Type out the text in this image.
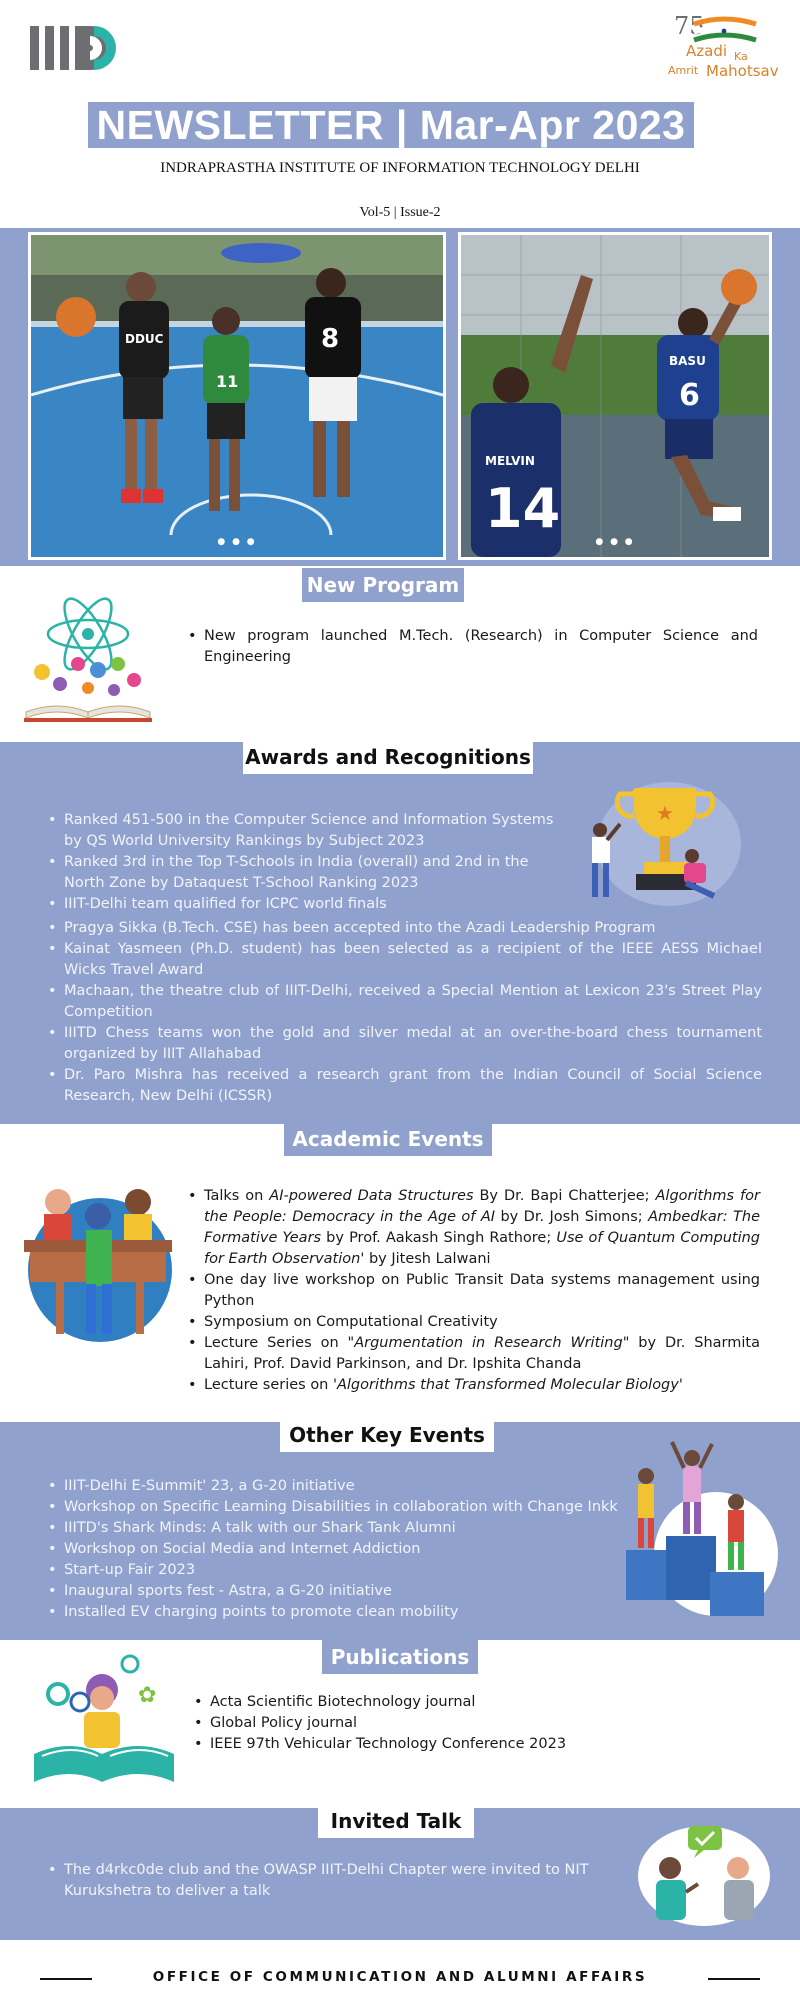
75
Azadi Ka
Amrit Mahotsav
NEWSLETTER | Mar-Apr 2023
INDRAPRASTHA INSTITUTE OF INFORMATION TECHNOLOGY DELHI
Vol-5 | Issue-2
DDUC
11
8
● ● ●
MELVIN
14
BASU
6
● ● ●
New Program
• New program launched M.Tech. (Research) in Computer Science and Engineering
Awards and Recognitions
★
• Ranked 451-500 in the Computer Science and Information Systems by QS World University Rankings by Subject 2023
• Ranked 3rd in the Top T-Schools in India (overall) and 2nd in the North Zone by Dataquest T-School Ranking 2023
• IIIT-Delhi team qualified for ICPC world finals
• Pragya Sikka (B.Tech. CSE) has been accepted into the Azadi Leadership Program
• Kainat Yasmeen (Ph.D. student) has been selected as a recipient of the IEEE AESS Michael Wicks Travel Award
• Machaan, the theatre club of IIIT-Delhi, received a Special Mention at Lexicon 23's Street Play Competition
• IIITD Chess teams won the gold and silver medal at an over-the-board chess tournament organized by IIIT Allahabad
• Dr. Paro Mishra has received a research grant from the Indian Council of Social Science Research, New Delhi (ICSSR)
Academic Events
• Talks on AI-powered Data Structures By Dr. Bapi Chatterjee; Algorithms for the People: Democracy in the Age of AI by Dr. Josh Simons; Ambedkar: The Formative Years by Prof. Aakash Singh Rathore; Use of Quantum Computing for Earth Observation' by Jitesh Lalwani
• One day live workshop on Public Transit Data systems management using Python
• Symposium on Computational Creativity
• Lecture Series on "Argumentation in Research Writing" by Dr. Sharmita Lahiri, Prof. David Parkinson, and Dr. Ipshita Chanda
• Lecture series on 'Algorithms that Transformed Molecular Biology'
Other Key Events
• IIIT-Delhi E-Summit' 23, a G-20 initiative
• Workshop on Specific Learning Disabilities in collaboration with Change Inkk
• IIITD's Shark Minds: A talk with our Shark Tank Alumni
• Workshop on Social Media and Internet Addiction
• Start-up Fair 2023
• Inaugural sports fest - Astra, a G-20 initiative
• Installed EV charging points to promote clean mobility
Publications
✿
•	Acta Scientific Biotechnology journal
• Global Policy journal
• IEEE 97th Vehicular Technology Conference 2023
Invited Talk
• The d4rkc0de club and the OWASP IIIT-Delhi Chapter were invited to NIT Kurukshetra to deliver a talk
OFFICE OF COMMUNICATION AND ALUMNI AFFAIRS
